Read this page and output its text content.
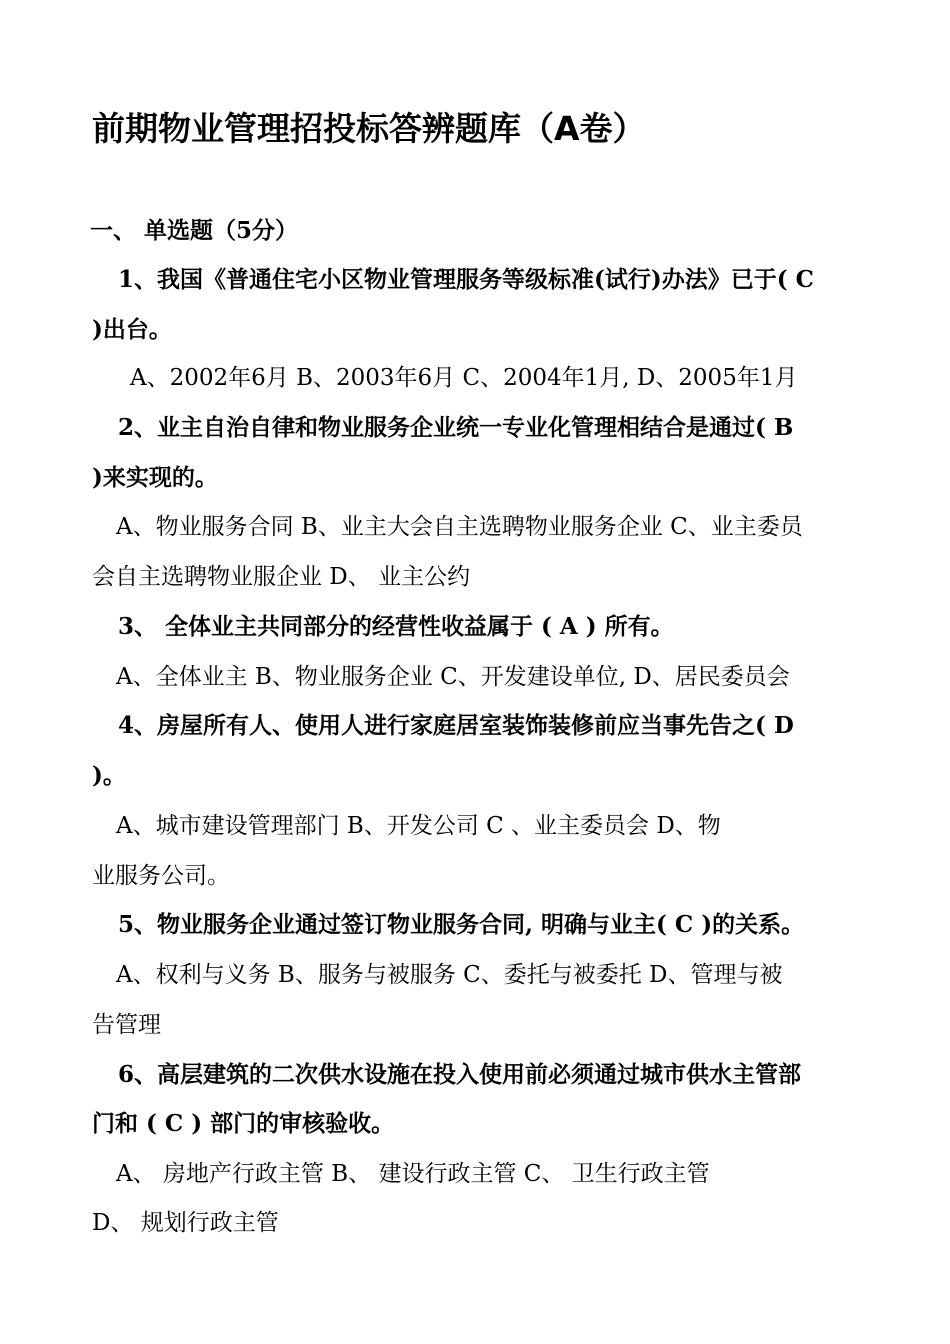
前期物业管理招投标答辨题库（A卷）
一、 单选题（5分）
1、我国《普通住宅小区物业管理服务等级标准(试行)办法》已于( C
)出台。
A、2002年6月 B、2003年6月 C、2004年1月, D、2005年1月
2、业主自治自律和物业服务企业统一专业化管理相结合是通过( B
)来实现的。
A、物业服务合同 B、业主大会自主选聘物业服务企业 C、业主委员
会自主选聘物业服企业 D、 业主公约
3、 全体业主共同部分的经营性收益属于 ( A ) 所有。
A、全体业主 B、物业服务企业 C、开发建设单位, D、居民委员会
4、房屋所有人、使用人进行家庭居室装饰装修前应当事先告之( D
)。
A、城市建设管理部门 B、开发公司 C 、业主委员会 D、物
业服务公司。
5、物业服务企业通过签订物业服务合同, 明确与业主( C )的关系。
A、权利与义务 B、服务与被服务 C、委托与被委托 D、管理与被
告管理
6、高层建筑的二次供水设施在投入使用前必须通过城市供水主管部
门和 ( C ) 部门的审核验收。
A、 房地产行政主管 B、 建设行政主管 C、 卫生行政主管
D、 规划行政主管
